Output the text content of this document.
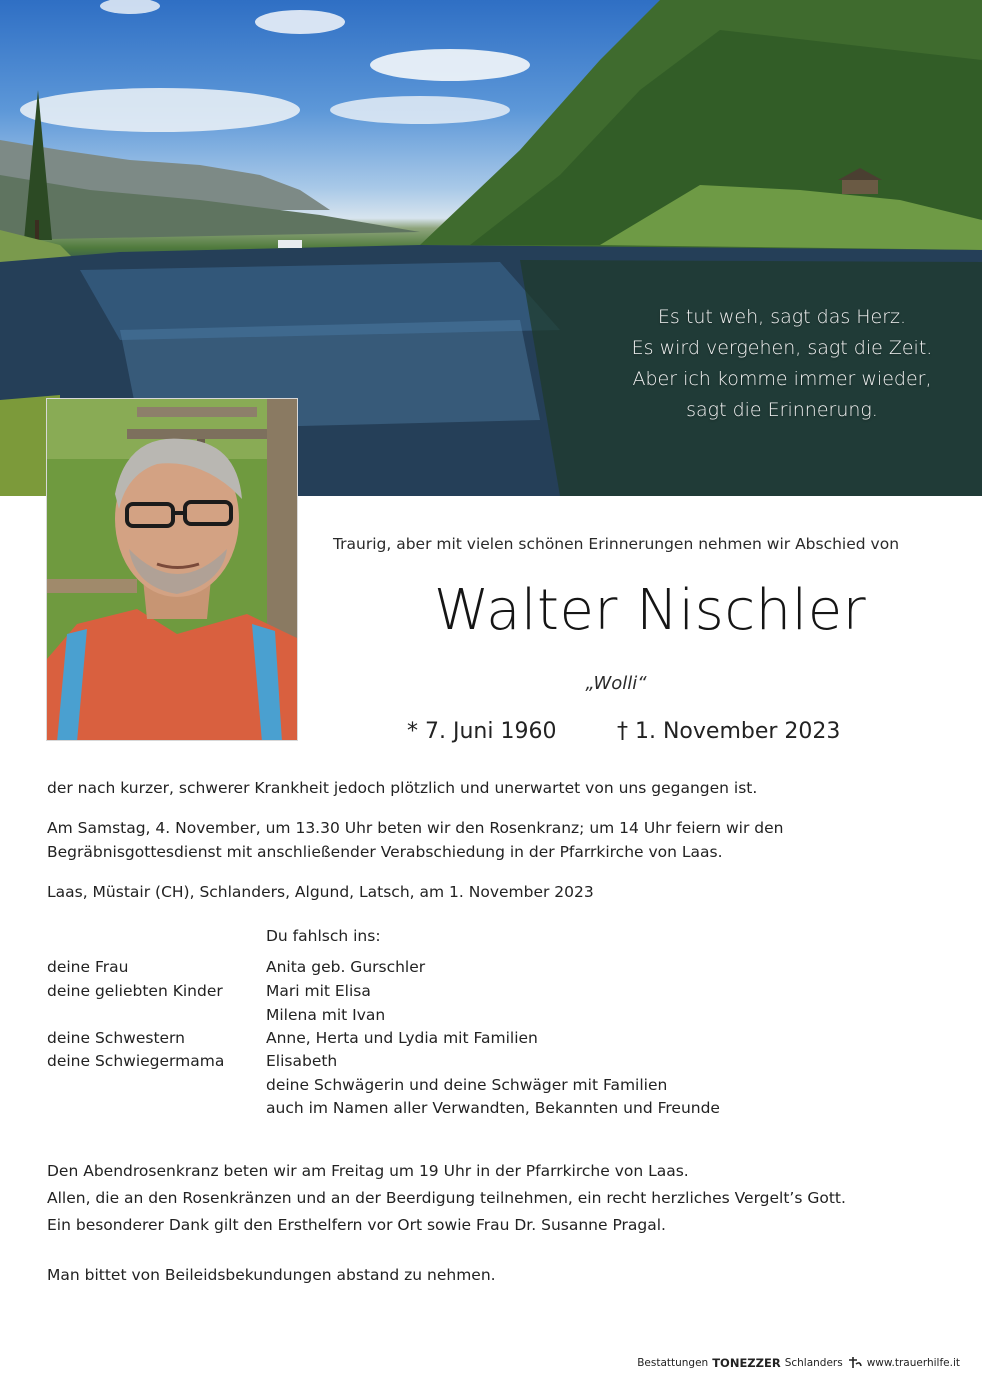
Es tut weh, sagt das Herz.
Es wird vergehen, sagt die Zeit.
Aber ich komme immer wieder,
sagt die Erinnerung.
Traurig, aber mit vielen schönen Erinnerungen nehmen wir Abschied von
Walter Nischler
„Wolli“
* 7. Juni 1960	† 1. November 2023
der nach kurzer, schwerer Krankheit jedoch plötzlich und unerwartet von uns gegangen ist.
Am Samstag, 4. November, um 13.30 Uhr beten wir den Rosenkranz; um 14 Uhr feiern wir den
Begräbnisgottesdienst mit anschließender Verabschiedung in der Pfarrkirche von Laas.
Laas, Müstair (CH), Schlanders, Algund, Latsch, am 1. November 2023
Du fahlsch ins:
deine Frau
deine geliebten Kinder
deine Schwestern
deine Schwiegermama
Anita geb. Gurschler
Mari mit Elisa
Milena mit Ivan
Anne, Herta und Lydia mit Familien
Elisabeth
deine Schwägerin und deine Schwäger mit Familien
auch im Namen aller Verwandten, Bekannten und Freunde
Den Abendrosenkranz beten wir am Freitag um 19 Uhr in der Pfarrkirche von Laas.
Allen, die an den Rosenkränzen und an der Beerdigung teilnehmen, ein recht herzliches Vergelt’s Gott.
Ein besonderer Dank gilt den Ersthelfern vor Ort sowie Frau Dr. Susanne Pragal.
Man bittet von Beileidsbekundungen abstand zu nehmen.
Bestattungen TONEZZER Schlanders www.trauerhilfe.it
